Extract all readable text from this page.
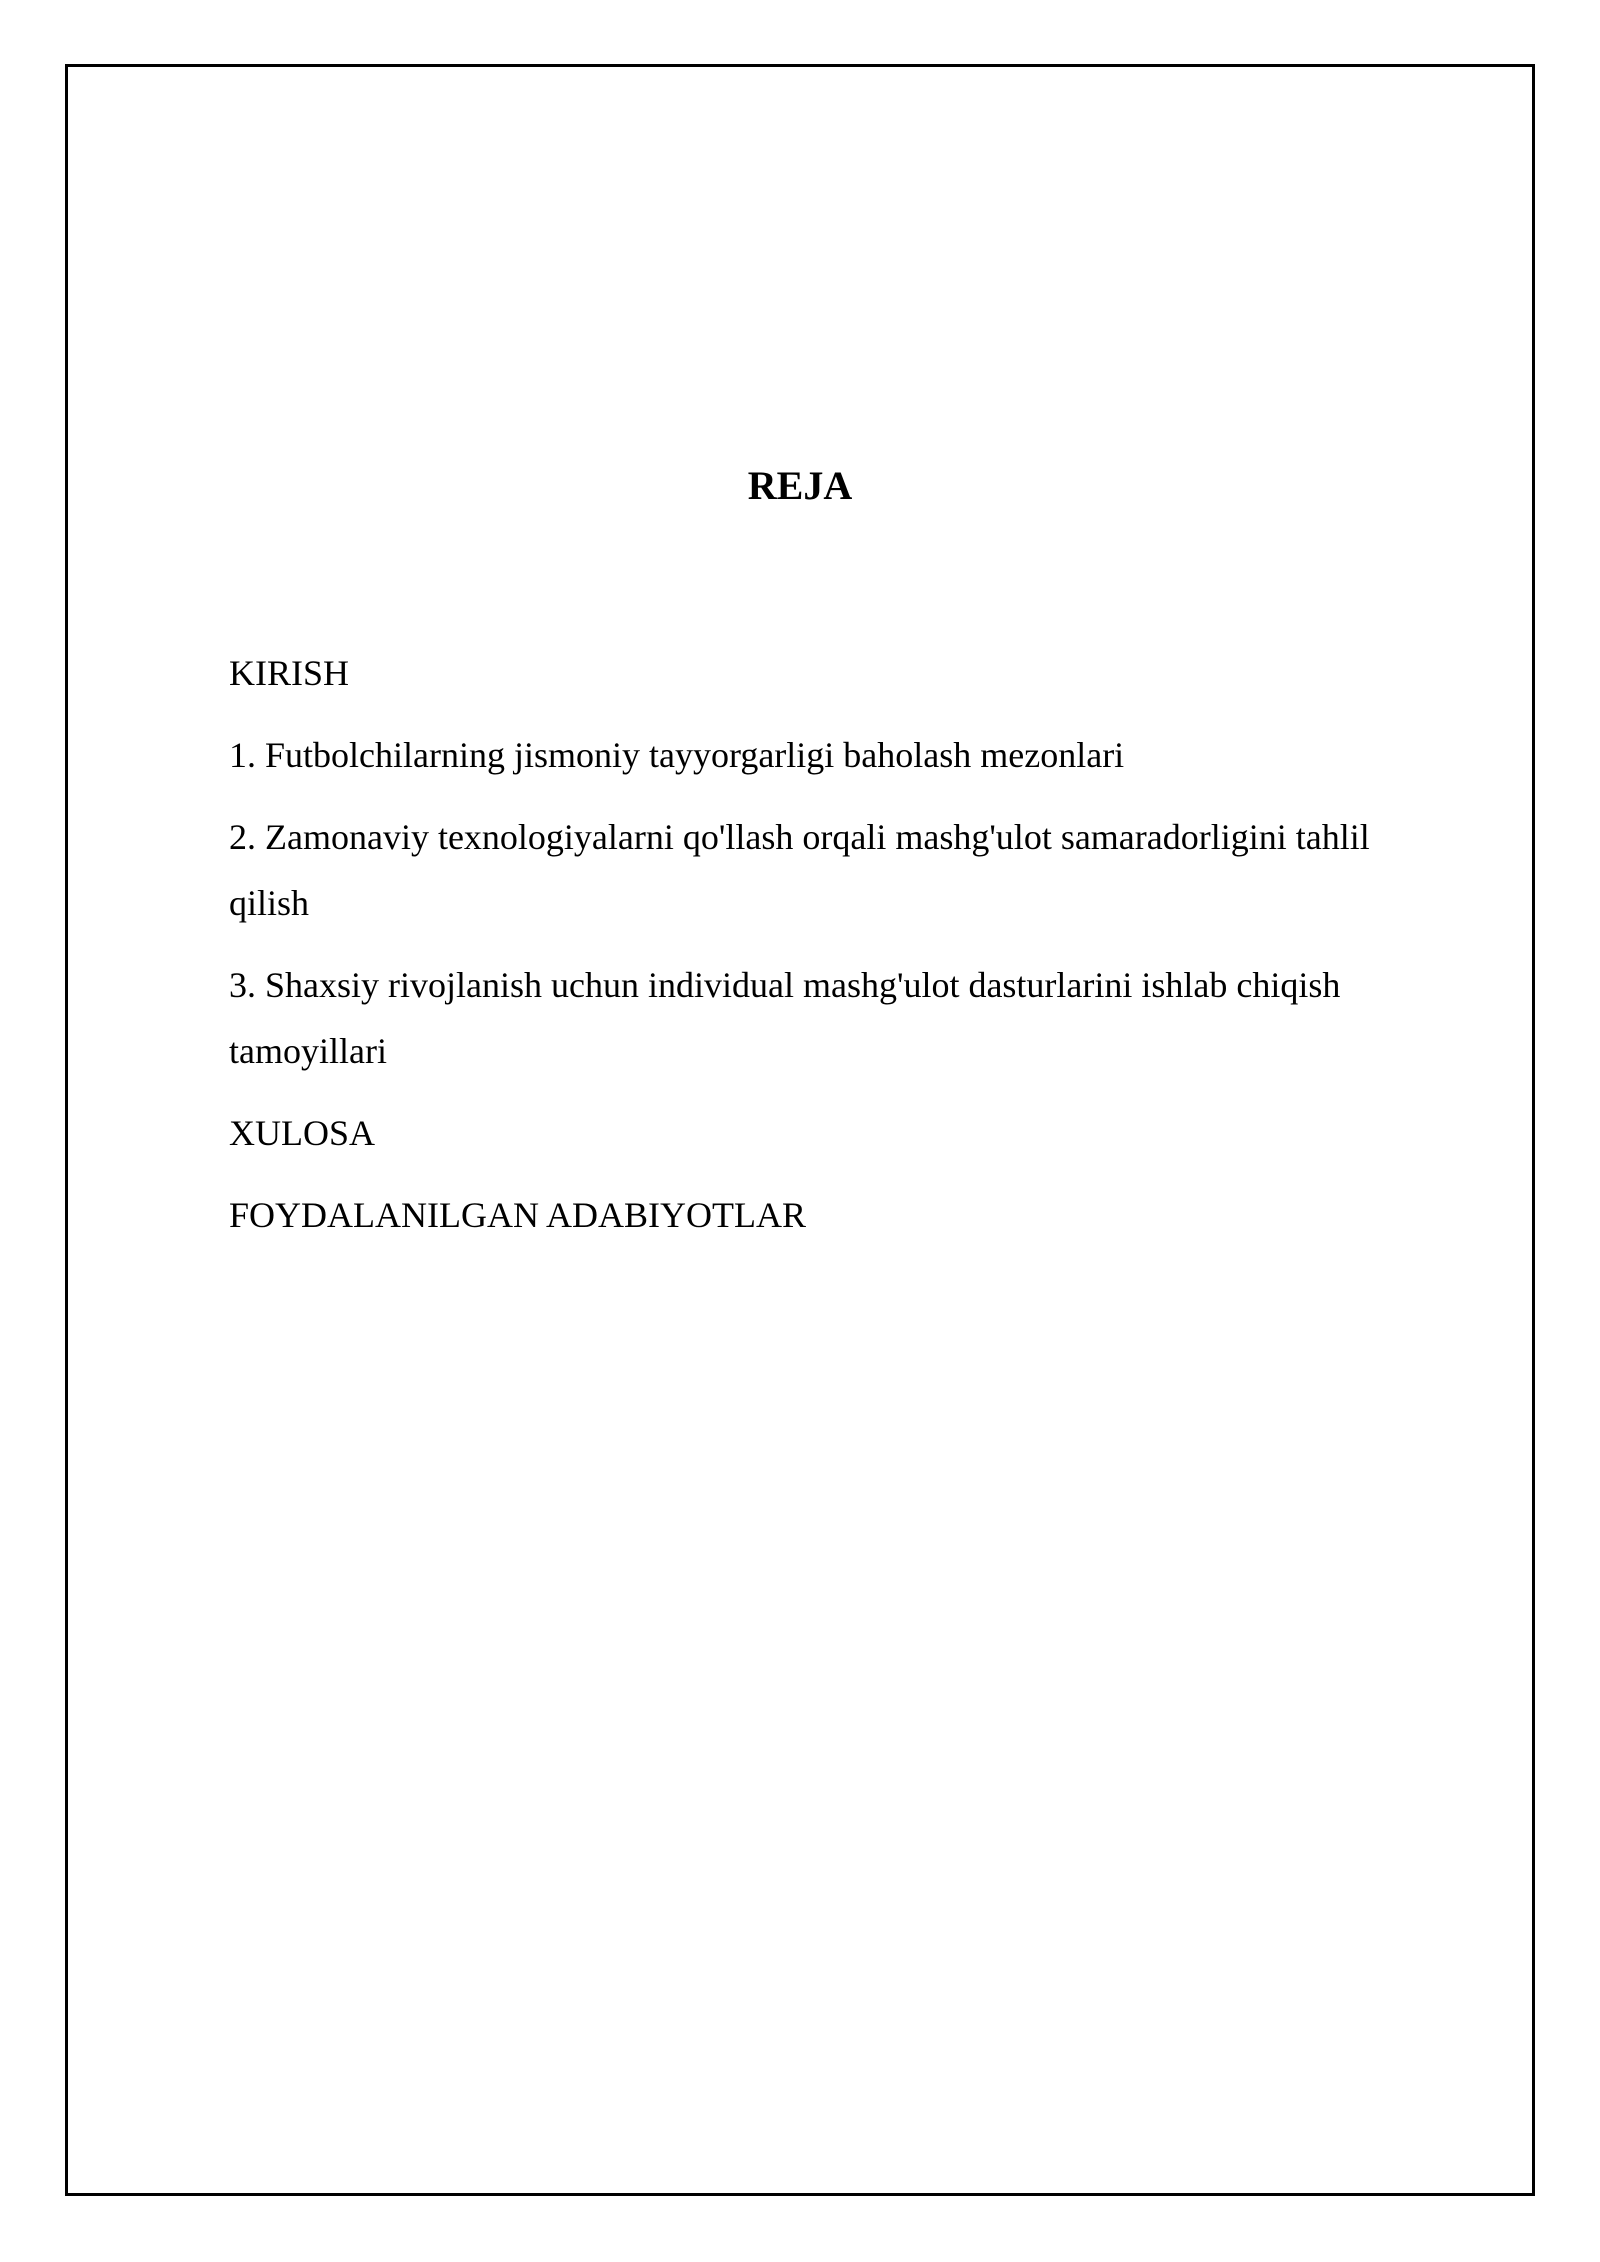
REJA
KIRISH
1. Futbolchilarning jismoniy tayyorgarligi baholash mezonlari
2. Zamonaviy texnologiyalarni qo'llash orqali mashg'ulot samaradorligini tahlil qilish
3. Shaxsiy rivojlanish uchun individual mashg'ulot dasturlarini ishlab chiqish tamoyillari
XULOSA
FOYDALANILGAN ADABIYOTLAR
